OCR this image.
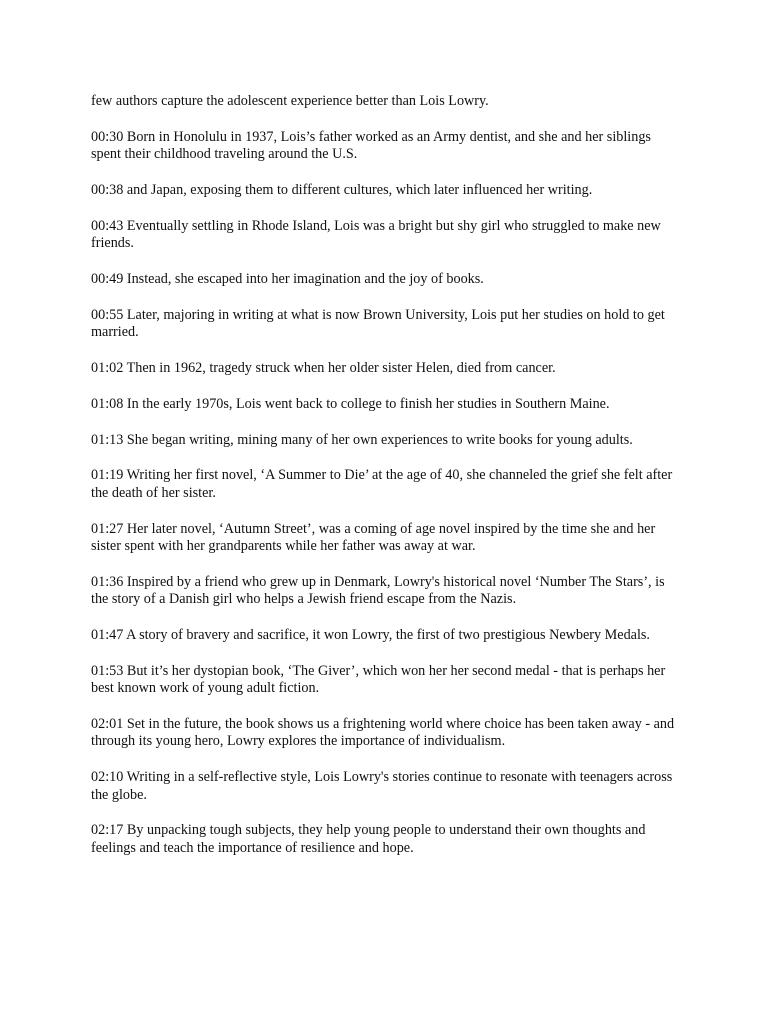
few authors capture the adolescent experience better than Lois Lowry.

00:30 Born in Honolulu in 1937, Lois’s father worked as an Army dentist, and she and her siblings spent their childhood traveling around the U.S.

00:38 and Japan, exposing them to different cultures, which later influenced her writing.

00:43 Eventually settling in Rhode Island, Lois was a bright but shy girl who struggled to make new friends.

00:49 Instead, she escaped into her imagination and the joy of books.

00:55 Later, majoring in writing at what is now Brown University, Lois put her studies on hold to get married.

01:02 Then in 1962, tragedy struck when her older sister Helen, died from cancer.

01:08 In the early 1970s, Lois went back to college to finish her studies in Southern Maine.

01:13 She began writing, mining many of her own experiences to write books for young adults.

01:19 Writing her first novel, ‘A Summer to Die’ at the age of 40, she channeled the grief she felt after the death of her sister.

01:27 Her later novel, ‘Autumn Street’, was a coming of age novel inspired by the time she and her sister spent with her grandparents while her father was away at war.

01:36 Inspired by a friend who grew up in Denmark, Lowry's historical novel ‘Number The Stars’, is the story of a Danish girl who helps a Jewish friend escape from the Nazis.

01:47 A story of bravery and sacrifice, it won Lowry, the first of two prestigious Newbery Medals.

01:53 But it’s her dystopian book, ‘The Giver’, which won her her second medal - that is perhaps her best known work of young adult fiction.

02:01 Set in the future, the book shows us a frightening world where choice has been taken away - and through its young hero, Lowry explores the importance of individualism.

02:10 Writing in a self-reflective style, Lois Lowry's stories continue to resonate with teenagers across the globe.

02:17 By unpacking tough subjects, they help young people to understand their own thoughts and feelings and teach the importance of resilience and hope.
